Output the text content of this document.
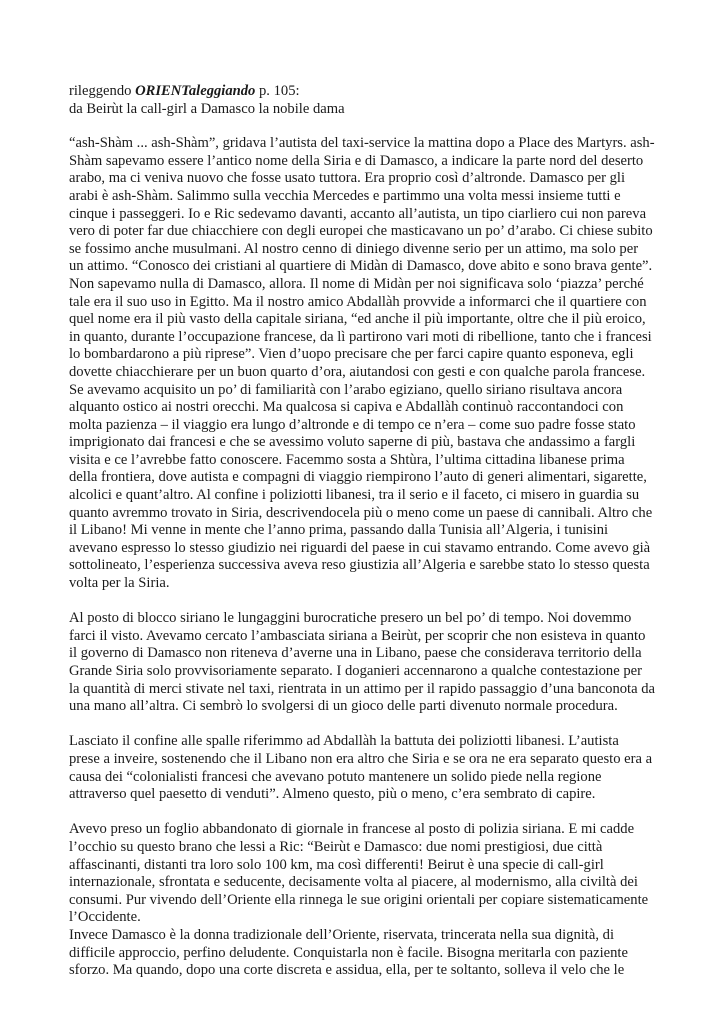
rileggendo ORIENTaleggiando p. 105:
da Beirùt la call-girl a Damasco la nobile dama

“ash-Shàm ... ash-Shàm”, gridava l’autista del taxi-service la mattina dopo a Place des Martyrs. ash-
Shàm sapevamo essere l’antico nome della Siria e di Damasco, a indicare la parte nord del deserto
arabo, ma ci veniva nuovo che fosse usato tuttora. Era proprio così d’altronde. Damasco per gli
arabi è ash-Shàm. Salimmo sulla vecchia Mercedes e partimmo una volta messi insieme tutti e
cinque i passeggeri. Io e Ric sedevamo davanti, accanto all’autista, un tipo ciarliero cui non pareva
vero di poter far due chiacchiere con degli europei che masticavano un po’ d’arabo. Ci chiese subito
se fossimo anche musulmani. Al nostro cenno di diniego divenne serio per un attimo, ma solo per
un attimo. “Conosco dei cristiani al quartiere di Midàn di Damasco, dove abito e sono brava gente”.
Non sapevamo nulla di Damasco, allora. Il nome di Midàn per noi significava solo ‘piazza’ perché
tale era il suo uso in Egitto. Ma il nostro amico Abdallàh provvide a informarci che il quartiere con
quel nome era il più vasto della capitale siriana, “ed anche il più importante, oltre che il più eroico,
in quanto, durante l’occupazione francese, da lì partirono vari moti di ribellione, tanto che i francesi
lo bombardarono a più riprese”. Vien d’uopo precisare che per farci capire quanto esponeva, egli
dovette chiacchierare per un buon quarto d’ora, aiutandosi con gesti e con qualche parola francese.
Se avevamo acquisito un po’ di familiarità con l’arabo egiziano, quello siriano risultava ancora
alquanto ostico ai nostri orecchi. Ma qualcosa si capiva e Abdallàh continuò raccontandoci con
molta pazienza – il viaggio era lungo d’altronde e di tempo ce n’era – come suo padre fosse stato
imprigionato dai francesi e che se avessimo voluto saperne di più, bastava che andassimo a fargli
visita e ce l’avrebbe fatto conoscere. Facemmo sosta a Shtùra, l’ultima cittadina libanese prima
della frontiera, dove autista e compagni di viaggio riempirono l’auto di generi alimentari, sigarette,
alcolici e quant’altro. Al confine i poliziotti libanesi, tra il serio e il faceto, ci misero in guardia su
quanto avremmo trovato in Siria, descrivendocela più o meno come un paese di cannibali. Altro che
il Libano! Mi venne in mente che l’anno prima, passando dalla Tunisia all’Algeria, i tunisini
avevano espresso lo stesso giudizio nei riguardi del paese in cui stavamo entrando. Come avevo già
sottolineato, l’esperienza successiva aveva reso giustizia all’Algeria e sarebbe stato lo stesso questa
volta per la Siria.

Al posto di blocco siriano le lungaggini burocratiche presero un bel po’ di tempo. Noi dovemmo
farci il visto. Avevamo cercato l’ambasciata siriana a Beirùt, per scoprir che non esisteva in quanto
il governo di Damasco non riteneva d’averne una in Libano, paese che considerava territorio della
Grande Siria solo provvisoriamente separato. I doganieri accennarono a qualche contestazione per
la quantità di merci stivate nel taxi, rientrata in un attimo per il rapido passaggio d’una banconota da
una mano all’altra. Ci sembrò lo svolgersi di un gioco delle parti divenuto normale procedura.

Lasciato il confine alle spalle riferimmo ad Abdallàh la battuta dei poliziotti libanesi. L’autista
prese a inveire, sostenendo che il Libano non era altro che Siria e se ora ne era separato questo era a
causa dei “colonialisti francesi che avevano potuto mantenere un solido piede nella regione
attraverso quel paesetto di venduti”. Almeno questo, più o meno, c’era sembrato di capire.

Avevo preso un foglio abbandonato di giornale in francese al posto di polizia siriana. E mi cadde
l’occhio su questo brano che lessi a Ric: “Beirùt e Damasco: due nomi prestigiosi, due città
affascinanti, distanti tra loro solo 100 km, ma così differenti! Beirut è una specie di call-girl
internazionale, sfrontata e seducente, decisamente volta al piacere, al modernismo, alla civiltà dei
consumi. Pur vivendo dell’Oriente ella rinnega le sue origini orientali per copiare sistematicamente
l’Occidente.
Invece Damasco è la donna tradizionale dell’Oriente, riservata, trincerata nella sua dignità, di
difficile approccio, perfino deludente. Conquistarla non è facile. Bisogna meritarla con paziente
sforzo. Ma quando, dopo una corte discreta e assidua, ella, per te soltanto, solleva il velo che le
